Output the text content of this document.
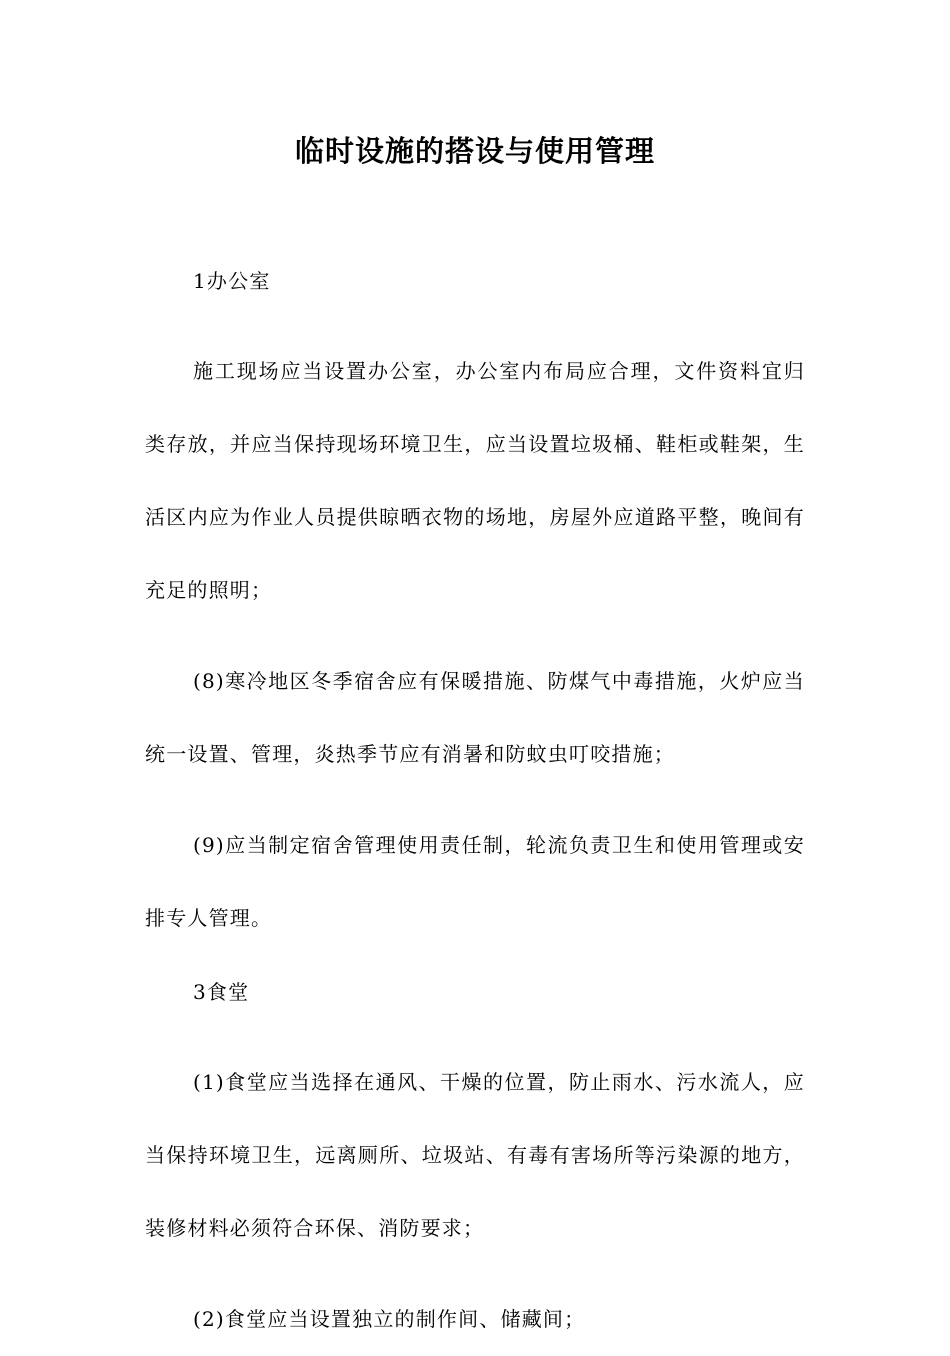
临时设施的搭设与使用管理

1办公室

施工现场应当设置办公室，办公室内布局应合理，文件资料宜归类存放，并应当保持现场环境卫生，应当设置垃圾桶、鞋柜或鞋架，生活区内应为作业人员提供晾晒衣物的场地，房屋外应道路平整，晚间有充足的照明；

(8)寒冷地区冬季宿舍应有保暖措施、防煤气中毒措施，火炉应当统一设置、管理，炎热季节应有消暑和防蚊虫叮咬措施；

(9)应当制定宿舍管理使用责任制，轮流负责卫生和使用管理或安排专人管理。

3食堂

(1)食堂应当选择在通风、干燥的位置，防止雨水、污水流人，应当保持环境卫生，远离厕所、垃圾站、有毒有害场所等污染源的地方，装修材料必须符合环保、消防要求；

(2)食堂应当设置独立的制作间、储藏间；
